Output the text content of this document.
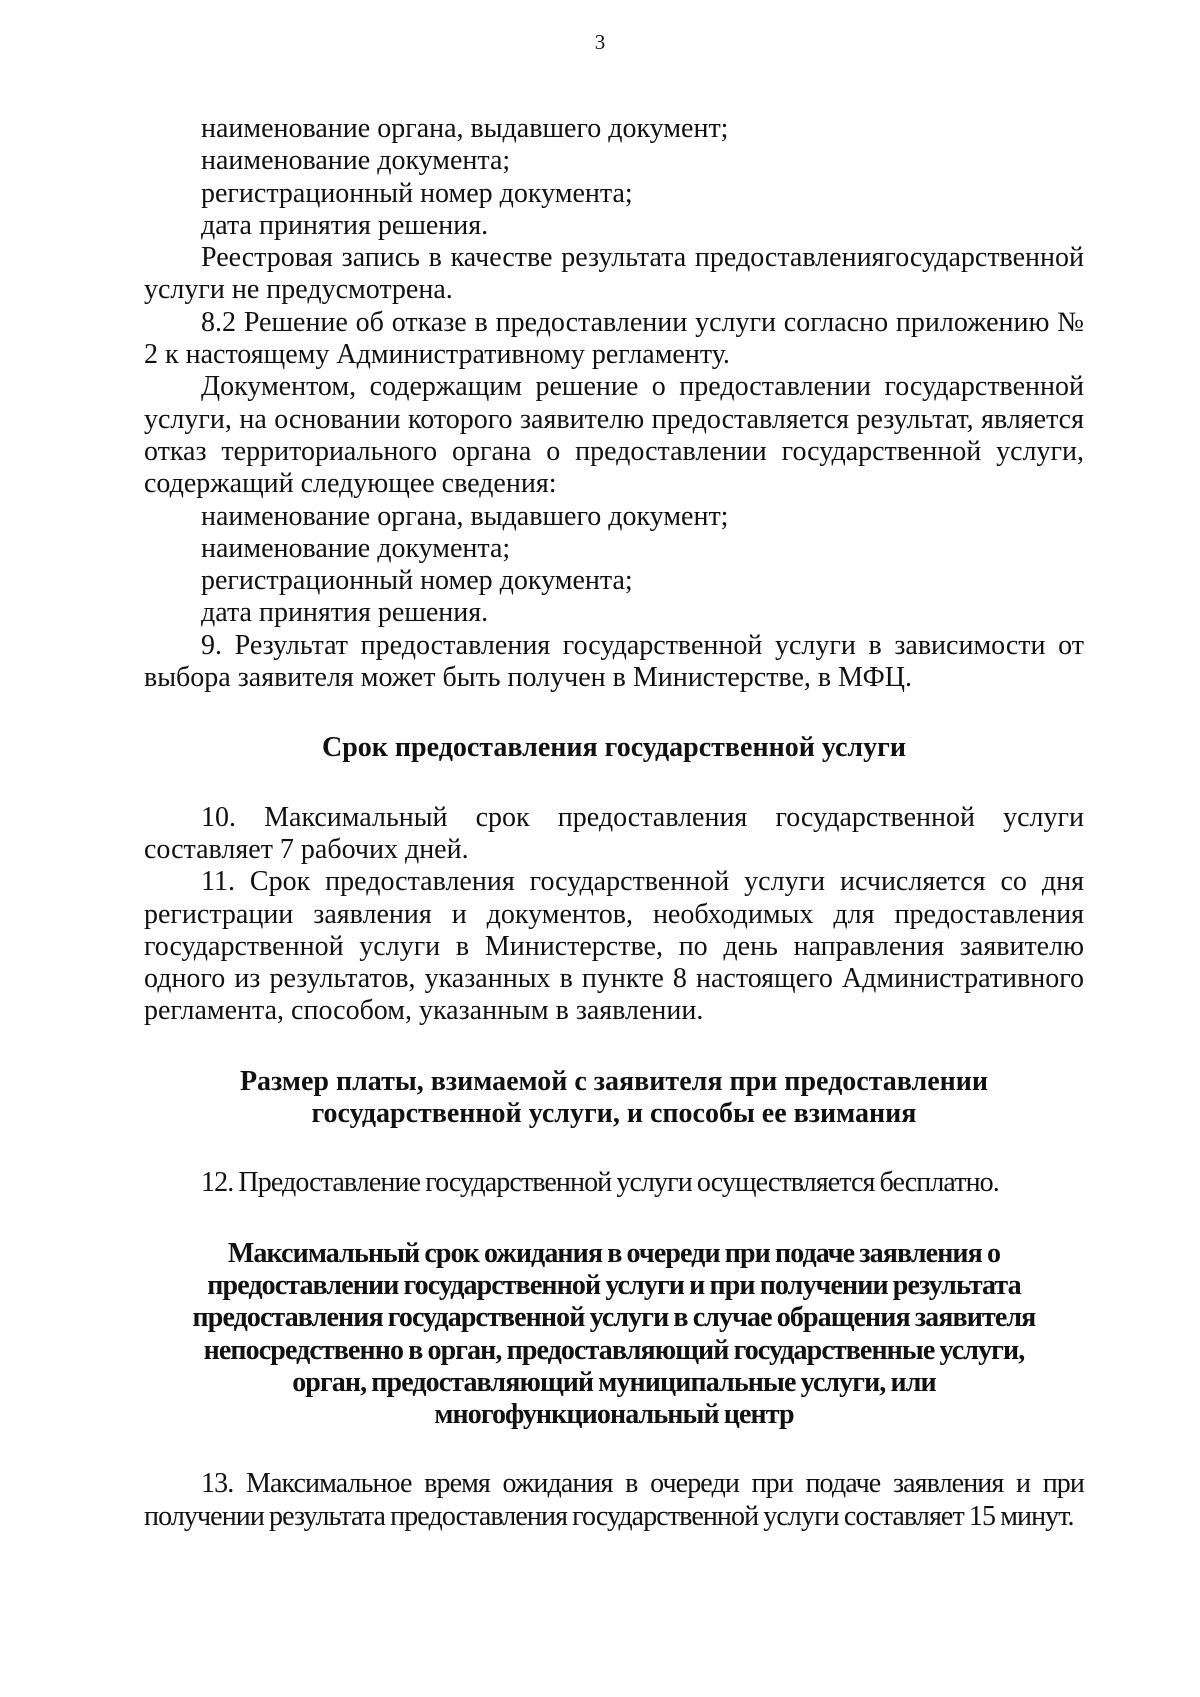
3

наименование органа, выдавшего документ;

наименование документа;

регистрационный номер документа;

дата принятия решения.

Реестровая запись в качестве результата предоставлениягосударственной услуги не предусмотрена.

8.2 Решение об отказе в предоставлении услуги согласно приложению № 2 к настоящему Административному регламенту.

Документом, содержащим решение о предоставлении государственной услуги, на основании которого заявителю предоставляется результат, является отказ территориального органа о предоставлении государственной услуги, содержащий следующее сведения:

наименование органа, выдавшего документ;

наименование документа;

регистрационный номер документа;

дата принятия решения.

9. Результат предоставления государственной услуги в зависимости от выбора заявителя может быть получен в Министерстве, в МФЦ.

Срок предоставления государственной услуги

10. Максимальный срок предоставления государственной услуги составляет 7 рабочих дней.

11. Срок предоставления государственной услуги исчисляется со дня регистрации заявления и документов, необходимых для предоставления государственной услуги в Министерстве, по день направления заявителю одного из результатов, указанных в пункте 8 настоящего Административного регламента, способом, указанным в заявлении.

Размер платы, взимаемой с заявителя при предоставлении
государственной услуги, и способы ее взимания

12. Предоставление государственной услуги осуществляется бесплатно.

Максимальный срок ожидания в очереди при подаче заявления о
предоставлении государственной услуги и при получении результата
предоставления государственной услуги в случае обращения заявителя
непосредственно в орган, предоставляющий государственные услуги,
орган, предоставляющий муниципальные услуги, или
многофункциональный центр

13. Максимальное время ожидания в очереди при подаче заявления и при получении результата предоставления государственной услуги составляет 15 минут.
